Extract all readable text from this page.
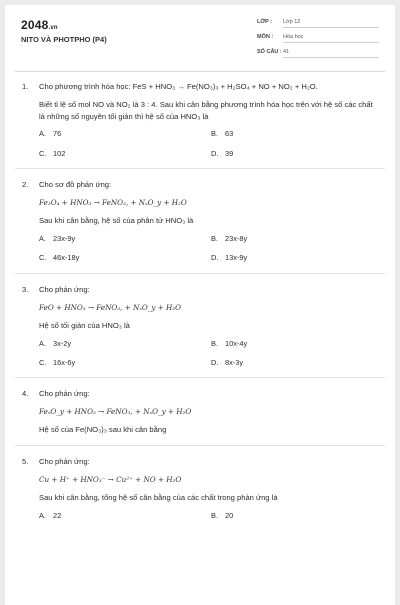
2048.vn
NITO VÀ PHOTPHO (P4)
LỚP :	Lớp 12
MÔN :	Hóa học
SỐ CÂU : 41
1. Cho phương trình hóa học: FeS + HNO₃ → Fe(NO₃)₃ + H₂SO₄ + NO + NO₂ + H₂O.
Biết tỉ lệ số mol NO và NO₂ là 3 : 4. Sau khi cân bằng phương trình hóa học trên với hệ số các chất là những số nguyên tối giản thì hệ số của HNO₃ là
A. 76	B. 63
C. 102	D. 39
2. Cho sơ đồ phản ứng:
Fe₃O₄ + HNO₃ → FeNO₃, + NₓO_y + H₂O
Sau khi cân bằng, hệ số của phân tử HNO₃ là
A. 23x-9y	B. 23x-8y
C. 46x-18y	D. 13x-9y
3. Cho phản ứng:
FeO + HNO₃ → FeNO₃, + NₓO_y + H₂O
Hệ số tối giản của HNO₃ là
A. 3x-2y	B. 10x-4y
C. 16x-6y	D. 8x-3y
4. Cho phản ứng:
FeₓO_y + HNO₃ → FeNO₃, + NₓO_y + H₂O
Hệ số của Fe(NO₃)₃ sau khi cân bằng
5. Cho phản ứng:
Cu + H⁺ + HNO₃⁻ → Cu²⁺ + NO + H₂O
Sau khi cân bằng, tổng hệ số cân bằng của các chất trong phản ứng là
A. 22	B. 20
